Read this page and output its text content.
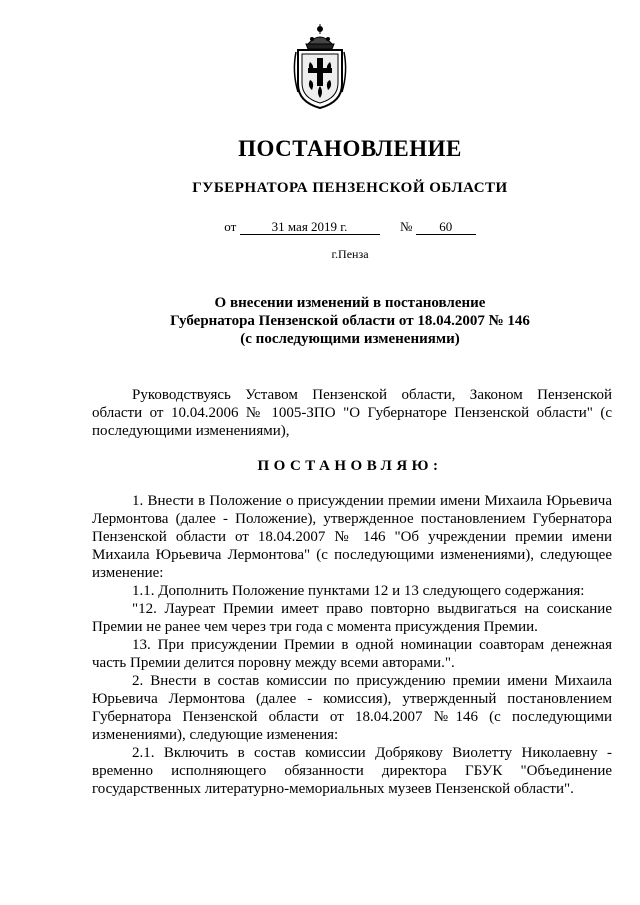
ПОСТАНОВЛЕНИЕ
ГУБЕРНАТОРА ПЕНЗЕНСКОЙ ОБЛАСТИ
от	31 мая 2019 г.	№ 60
г.Пенза
О внесении изменений в постановление
Губернатора Пензенской области от 18.04.2007 № 146
(с последующими изменениями)

Руководствуясь Уставом Пензенской области, Законом Пензенской области от 10.04.2006 № 1005-ЗПО "О Губернаторе Пензенской области" (с последующими изменениями),

ПОСТАНОВЛЯЮ:

1. Внести в Положение о присуждении премии имени Михаила Юрьевича Лермонтова (далее - Положение), утвержденное постановлением Губернатора Пензенской области от 18.04.2007 № 146 "Об учреждении премии имени Михаила Юрьевича Лермонтова" (с последующими изменениями), следующее изменение:

1.1. Дополнить Положение пунктами 12 и 13 следующего содержания:

"12. Лауреат Премии имеет право повторно выдвигаться на соискание Премии не ранее чем через три года с момента присуждения Премии.

13. При присуждении Премии в одной номинации соавторам денежная часть Премии делится поровну между всеми авторами.".

2. Внести в состав комиссии по присуждению премии имени Михаила Юрьевича Лермонтова (далее - комиссия), утвержденный постановлением Губернатора Пензенской области от 18.04.2007 №146 (с последующими изменениями), следующие изменения:

2.1. Включить в состав комиссии Добрякову Виолетту Николаевну - временно исполняющего обязанности директора ГБУК "Объединение государственных литературно-мемориальных музеев Пензенской области".
